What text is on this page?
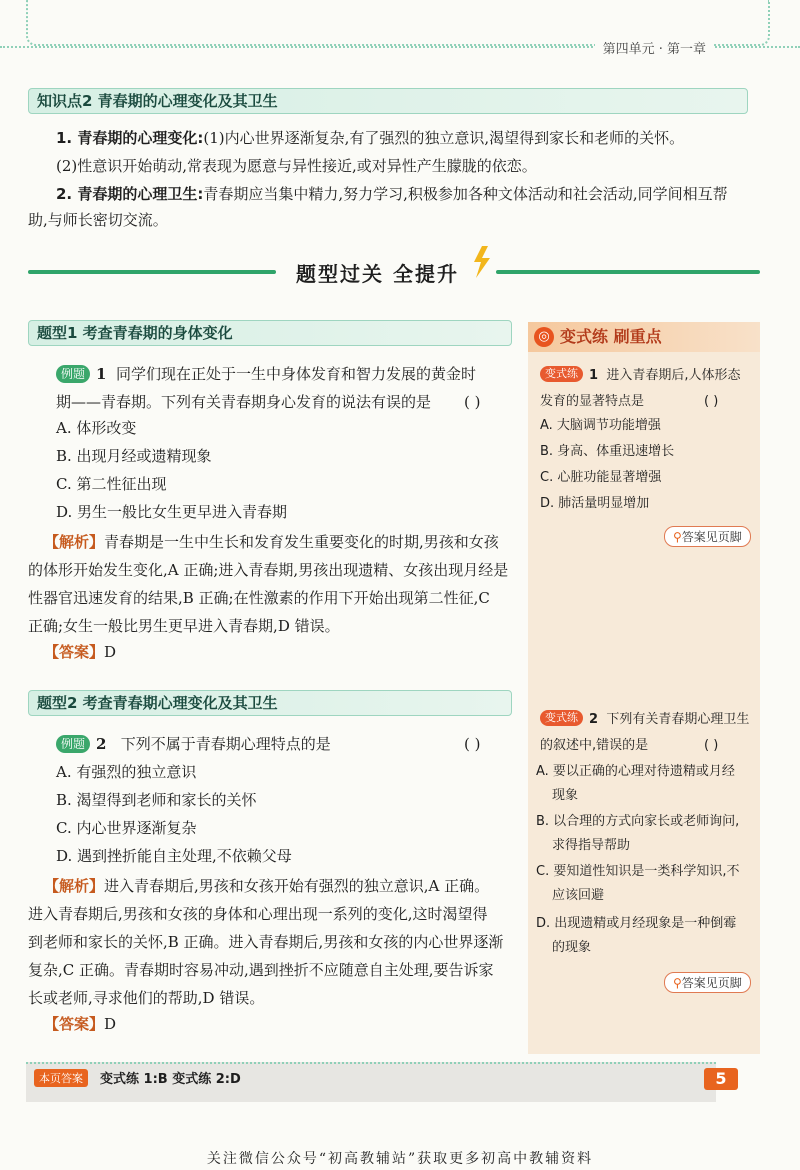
第四单元 · 第一章
知识点2 青春期的心理变化及其卫生
1. 青春期的心理变化:(1)内心世界逐渐复杂,有了强烈的独立意识,渴望得到家长和老师的关怀。
(2)性意识开始萌动,常表现为愿意与异性接近,或对异性产生朦胧的依恋。
2. 青春期的心理卫生:青春期应当集中精力,努力学习,积极参加各种文体活动和社会活动,同学间相互帮
助,与师长密切交流。
题型过关 全提升
变式练 刷重点
◎
题型1 考查青春期的身体变化
例题 1 同学们现在正处于一生中身体发育和智力发展的黄金时
期——青春期。下列有关青春期身心发育的说法有误的是	( )
A. 体形改变
B. 出现月经或遗精现象
C. 第二性征出现
D. 男生一般比女生更早进入青春期
【解析】青春期是一生中生长和发育发生重要变化的时期,男孩和女孩
的体形开始发生变化,A 正确;进入青春期,男孩出现遗精、女孩出现月经是
性器官迅速发育的结果,B 正确;在性激素的作用下开始出现第二性征,C
正确;女生一般比男生更早进入青春期,D 错误。
【答案】D
变式练 1 进入青春期后,人体形态
发育的显著特点是	( )
A. 大脑调节功能增强
B. 身高、体重迅速增长
C. 心脏功能显著增强
D. 肺活量明显增加
⚲答案见页脚
题型2 考查青春期心理变化及其卫生
例题 2 下列不属于青春期心理特点的是	( )
A. 有强烈的独立意识
B. 渴望得到老师和家长的关怀
C. 内心世界逐渐复杂
D. 遇到挫折能自主处理,不依赖父母
【解析】进入青春期后,男孩和女孩开始有强烈的独立意识,A 正确。
进入青春期后,男孩和女孩的身体和心理出现一系列的变化,这时渴望得
到老师和家长的关怀,B 正确。进入青春期后,男孩和女孩的内心世界逐渐
复杂,C 正确。青春期时容易冲动,遇到挫折不应随意自主处理,要告诉家
长或老师,寻求他们的帮助,D 错误。
【答案】D
变式练 2 下列有关青春期心理卫生
的叙述中,错误的是	( )
A. 要以正确的心理对待遗精或月经
现象
B. 以合理的方式向家长或老师询问,
求得指导帮助
C. 要知道性知识是一类科学知识,不
应该回避
D. 出现遗精或月经现象是一种倒霉
的现象
⚲答案见页脚
本页答案	变式练 1:B 变式练 2:D	5
关注微信公众号“初高教辅站”获取更多初高中教辅资料
